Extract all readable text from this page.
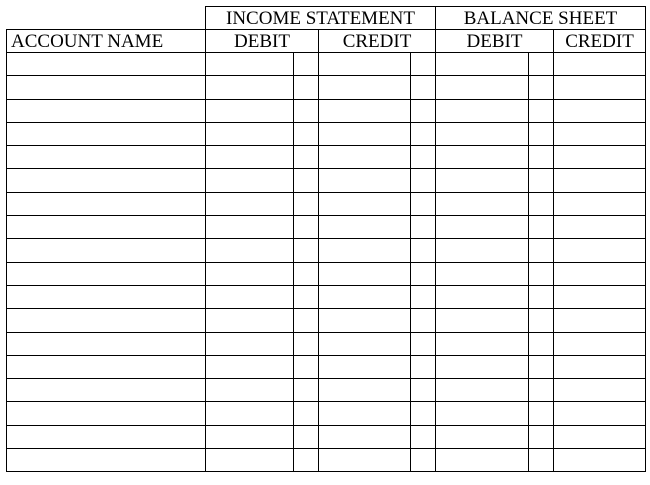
	INCOME STATEMENT				BALANCE SHEET		
ACCOUNT NAME	DEBIT		CREDIT		DEBIT		CREDIT
